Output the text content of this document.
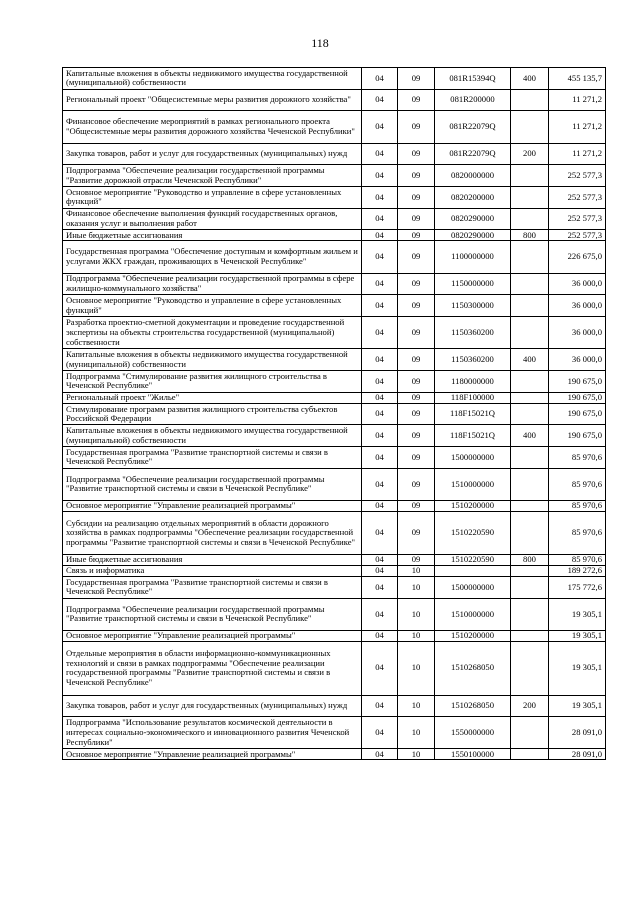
118
Капитальные вложения в объекты недвижимого имущества государственной (муниципальной) собственности	04	09	081R15394Q	400	455 135,7
Региональный проект "Общесистемные меры развития дорожного хозяйства"	04	09	081R200000		11 271,2
Финансовое обеспечение мероприятий в рамках регионального проекта "Общесистемные меры развития дорожного хозяйства Чеченской Республики"	04	09	081R22079Q		11 271,2
Закупка товаров, работ и услуг для государственных (муниципальных) нужд	04	09	081R22079Q	200	11 271,2
Подпрограмма "Обеспечение реализации государственной программы "Развитие дорожной отрасли Чеченской Республики"	04	09	0820000000		252 577,3
Основное мероприятие "Руководство и управление в сфере установленных функций"	04	09	0820200000		252 577,3
Финансовое обеспечение выполнения функций государственных органов, оказания услуг и выполнения работ	04	09	0820290000		252 577,3
Иные бюджетные ассигнования	04	09	0820290000	800	252 577,3
Государственная программа "Обеспечение доступным и комфортным жильем и услугами ЖКХ граждан, проживающих в Чеченской Республике"	04	09	1100000000		226 675,0
Подпрограмма "Обеспечение реализации государственной программы в сфере жилищно-коммунального хозяйства"	04	09	1150000000		36 000,0
Основное мероприятие "Руководство и управление в сфере установленных функций"	04	09	1150300000		36 000,0
Разработка проектно-сметной документации и проведение государственной экспертизы на объекты строительства государственной (муниципальной) собственности	04	09	1150360200		36 000,0
Капитальные вложения в объекты недвижимого имущества государственной (муниципальной) собственности	04	09	1150360200	400	36 000,0
Подпрограмма "Стимулирование развития жилищного строительства в Чеченской Республике"	04	09	1180000000		190 675,0
Региональный проект "Жилье"	04	09	118F100000		190 675,0
Стимулирование программ развития жилищного строительства субъектов Российской Федерации	04	09	118F15021Q		190 675,0
Капитальные вложения в объекты недвижимого имущества государственной (муниципальной) собственности	04	09	118F15021Q	400	190 675,0
Государственная программа "Развитие транспортной системы и связи в Чеченской Республике"	04	09	1500000000		85 970,6
Подпрограмма "Обеспечение реализации государственной программы "Развитие транспортной системы и связи в Чеченской Республике"	04	09	1510000000		85 970,6
Основное мероприятие "Управление реализацией программы"	04	09	1510200000		85 970,6
Субсидии на реализацию отдельных мероприятий в области дорожного хозяйства в рамках подпрограммы "Обеспечение реализации государственной программы "Развитие транспортной системы и связи в Чеченской Республике"	04	09	1510220590		85 970,6
Иные бюджетные ассигнования	04	09	1510220590	800	85 970,6
Связь и информатика	04	10			189 272,6
Государственная программа "Развитие транспортной системы и связи в Чеченской Республике"	04	10	1500000000		175 772,6
Подпрограмма "Обеспечение реализации государственной программы "Развитие транспортной системы и связи в Чеченской Республике"	04	10	1510000000		19 305,1
Основное мероприятие "Управление реализацией программы"	04	10	1510200000		19 305,1
Отдельные мероприятия в области информационно-коммуникационных технологий и связи в рамках подпрограммы "Обеспечение реализации государственной программы "Развитие транспортной системы и связи в Чеченской Республике"	04	10	1510268050		19 305,1
Закупка товаров, работ и услуг для государственных (муниципальных) нужд	04	10	1510268050	200	19 305,1
Подпрограмма "Использование результатов космической деятельности в интересах социально-экономического и инновационного развития Чеченской Республики"	04	10	1550000000		28 091,0
Основное мероприятие "Управление реализацией программы"	04	10	1550100000		28 091,0
